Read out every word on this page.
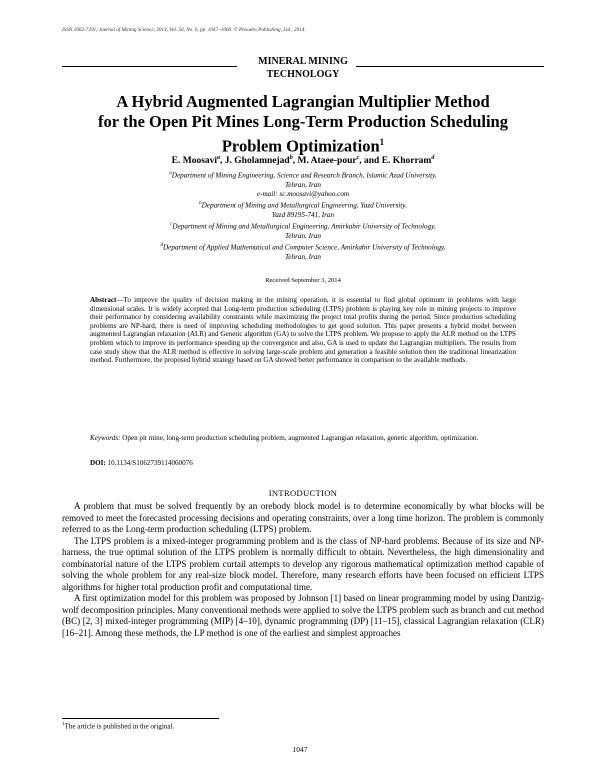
ISSN 1062-7391, Journal of Mining Science, 2014, Vol. 50, No. 6, pp. 1047–1060. © Pleiades Publishing, Ltd., 2014.
MINERAL MINING
TECHNOLOGY
A Hybrid Augmented Lagrangian Multiplier Method
for the Open Pit Mines Long-Term Production Scheduling
Problem Optimization$^1$
E. Moosavi$^a$, J. Gholamnejad$^b$, M. Ataee-pour$^c$, and E. Khorram$^d$
$^a$Department of Mining Engineering, Science and Research Branch, Islamic Azad University,
Tehran, Iran
e-mail: sc.moosavi@yahoo.com
$^b$Department of Mining and Metallurgical Engineering, Yazd University,
Yazd 89195-741, Iran
$^c$Department of Mining and Metallurgical Engineering, Amirkabir University of Technology,
Tehran, Iran
$^d$Department of Applied Mathematical and Computer Science, Amirkabir University of Technology,
Tehran, Iran
Received September 3, 2014
Abstract—To improve the quality of decision making in the mining operation, it is essential to find global optimum in problems with large dimensional scales. It is widely accepted that Long-term production scheduling (LTPS) problem is playing key role in mining projects to improve their performance by considering availability constraints while maximizing the project total profits during the period. Since production scheduling problems are NP-hard, there is need of improving scheduling methodologies to get good solution. This paper presents a hybrid model between augmented Lagrangian relaxation (ALR) and Genetic algorithm (GA) to solve the LTPS problem. We propose to apply the ALR method on the LTPS problem which to improve its performance speeding up the convergence and also, GA is used to update the Lagrangian multipliers. The results from case study show that the ALR method is effective in solving large-scale problem and generation a feasible solution then the traditional linearization method. Furthermore, the proposed hybrid strategy based on GA showed better performance in comparison to the available methods.
Keywords: Open pit mine, long-term production scheduling problem, augmented Lagrangian relaxation, genetic algorithm, optimization.
DOI: 10.1134/S1062739114060076
INTRODUCTION

A problem that must be solved frequently by an orebody block model is to determine economically by what blocks will be removed to meet the forecasted processing decisions and operating constraints, over a long time horizon. The problem is commonly referred to as the Long-term production scheduling (LTPS) problem.

The LTPS problem is a mixed-integer programming problem and is the class of NP-hard problems. Because of its size and NP-harness, the true optimal solution of the LTPS problem is normally difficult to obtain. Nevertheless, the high dimensionality and combinatorial nature of the LTPS problem curtail attempts to develop any rigorous mathematical optimization method capable of solving the whole problem for any real-size block model. Therefore, many research efforts have been focused on efficient LTPS algorithms for higher total production profit and computational time.

A first optimization model for this problem was proposed by Johnson [1] based on linear programming model by using Dantzig-wolf decomposition principles. Many conventional methods were applied to solve the LTPS problem such as branch and cut method (BC) [2, 3] mixed-integer programming (MIP) [4–10], dynamic programming (DP) [11–15], classical Lagrangian relaxation (CLR) [16–21]. Among these methods, the LP method is one of the earliest and simplest approaches

$^1$The article is published in the original.
1047
